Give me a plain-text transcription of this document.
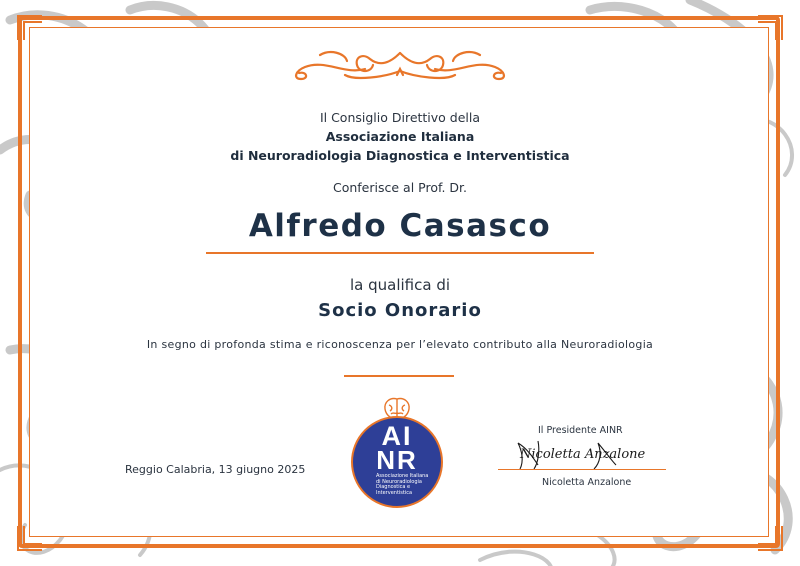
Il Consiglio Direttivo della
Associazione Italiana
di Neuroradiologia Diagnostica e Interventistica
Conferisce al Prof. Dr.
Alfredo Casasco
la qualifica di
Socio Onorario
In segno di profonda stima e riconoscenza per l’elevato contributo alla Neuroradiologia
Reggio Calabria, 13 giugno 2025
AI
NR
Associazione Italiana di Neuroradiologia Diagnostica e Interventistica
Il Presidente AINR
Nicoletta Anzalone
Nicoletta Anzalone
